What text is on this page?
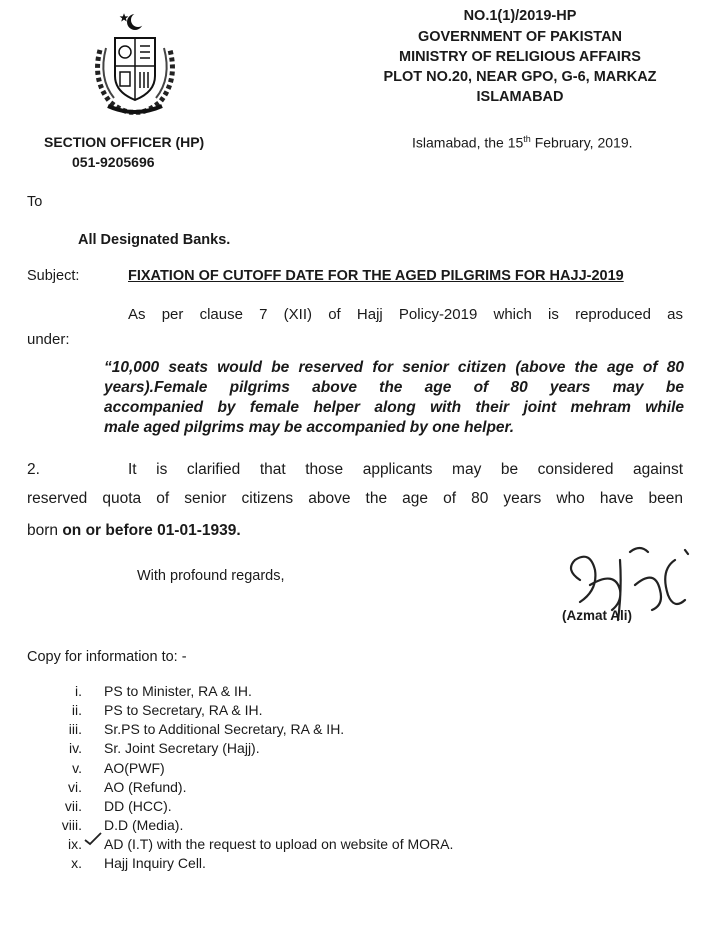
NO.1(1)/2019-HP
GOVERNMENT OF PAKISTAN
MINISTRY OF RELIGIOUS AFFAIRS
PLOT NO.20, NEAR GPO, G-6, MARKAZ
ISLAMABAD
SECTION OFFICER (HP)
051-9205696
Islamabad, the 15th February, 2019.
To
All Designated Banks.
Subject:	FIXATION OF CUTOFF DATE FOR THE AGED PILGRIMS FOR HAJJ-2019
As per clause 7 (XII) of Hajj Policy-2019 which is reproduced as
under:
“10,000 seats would be reserved for senior citizen (above the age of 80
years).Female pilgrims above the age of 80 years may be
accompanied by female helper along with their joint mehram while
male aged pilgrims may be accompanied by one helper.
2.	It is clarified that those applicants may be considered against
reserved quota of senior citizens above the age of 80 years who have been
born on or before 01-01-1939.
With profound regards,
(Azmat Ali)
Copy for information to: -
i. PS to Minister, RA & IH.
ii. PS to Secretary, RA & IH.
iii. Sr.PS to Additional Secretary, RA & IH.
iv. Sr. Joint Secretary (Hajj).
v. AO(PWF)
vi. AO (Refund).
vii. DD (HCC).
viii. D.D (Media).
ix. AD (I.T) with the request to upload on website of MORA.
x. Hajj Inquiry Cell.
